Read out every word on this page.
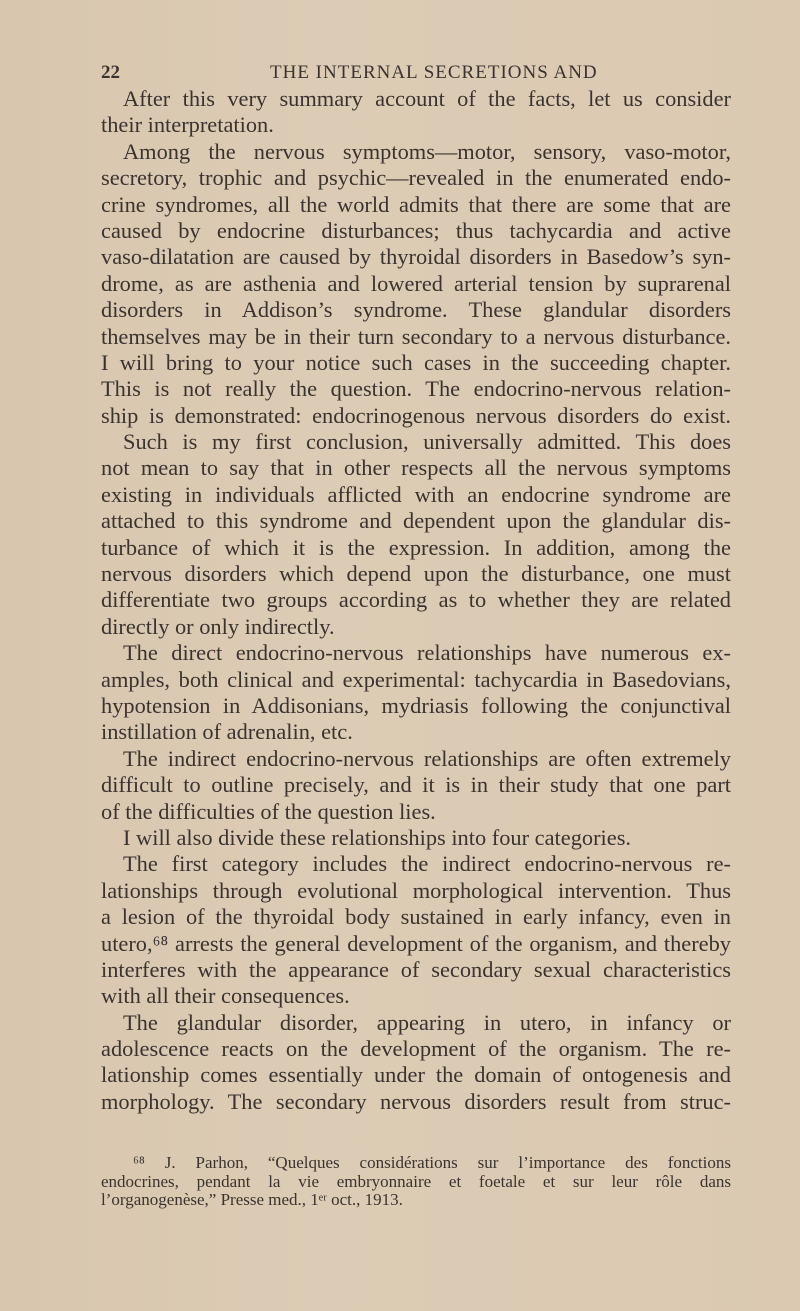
22	THE INTERNAL SECRETIONS AND
After this very summary account of the facts, let us consider
their interpretation.
Among the nervous symptoms—motor, sensory, vaso-motor,
secretory, trophic and psychic—revealed in the enumerated endo-
crine syndromes, all the world admits that there are some that are
caused by endocrine disturbances; thus tachycardia and active
vaso-dilatation are caused by thyroidal disorders in Basedow’s syn-
drome, as are asthenia and lowered arterial tension by suprarenal
disorders in Addison’s syndrome. These glandular disorders
themselves may be in their turn secondary to a nervous disturbance.
I will bring to your notice such cases in the succeeding chapter.
This is not really the question. The endocrino-nervous relation-
ship is demonstrated: endocrinogenous nervous disorders do exist.
Such is my first conclusion, universally admitted. This does
not mean to say that in other respects all the nervous symptoms
existing in individuals afflicted with an endocrine syndrome are
attached to this syndrome and dependent upon the glandular dis-
turbance of which it is the expression. In addition, among the
nervous disorders which depend upon the disturbance, one must
differentiate two groups according as to whether they are related
directly or only indirectly.
The direct endocrino-nervous relationships have numerous ex-
amples, both clinical and experimental: tachycardia in Basedovians,
hypotension in Addisonians, mydriasis following the conjunctival
instillation of adrenalin, etc.
The indirect endocrino-nervous relationships are often extremely
difficult to outline precisely, and it is in their study that one part
of the difficulties of the question lies.
I will also divide these relationships into four categories.
The first category includes the indirect endocrino-nervous re-
lationships through evolutional morphological intervention. Thus
a lesion of the thyroidal body sustained in early infancy, even in
utero,⁶⁸ arrests the general development of the organism, and thereby
interferes with the appearance of secondary sexual characteristics
with all their consequences.
The glandular disorder, appearing in utero, in infancy or
adolescence reacts on the development of the organism. The re-
lationship comes essentially under the domain of ontogenesis and
morphology. The secondary nervous disorders result from struc-
⁶⁸ J. Parhon, “Quelques considérations sur l’importance des fonctions
endocrines, pendant la vie embryonnaire et foetale et sur leur rôle dans
l’organogenèse,” Presse med., 1ᵉʳ oct., 1913.
